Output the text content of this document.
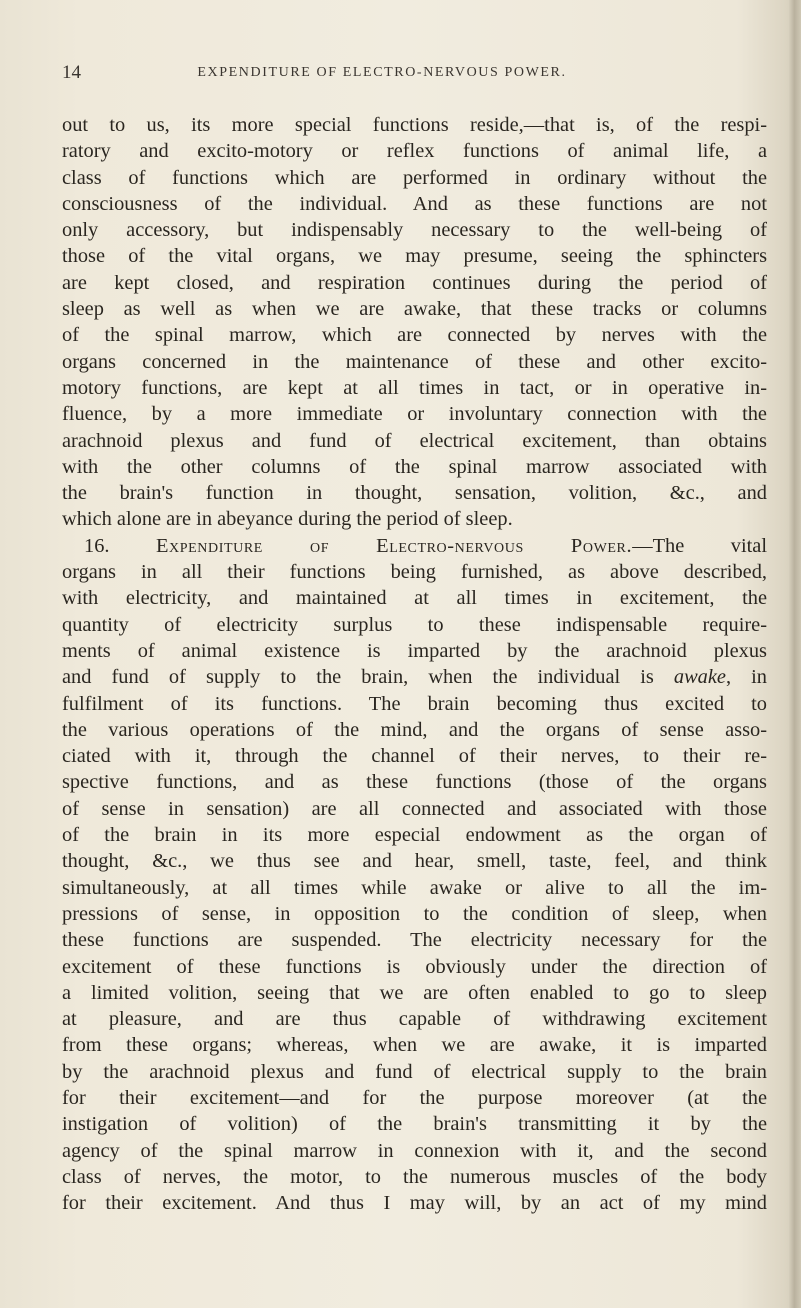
14	EXPENDITURE OF ELECTRO-NERVOUS POWER.
out to us, its more special functions reside,—that is, of the respi-
ratory and excito-motory or reflex functions of animal life, a
class of functions which are performed in ordinary without the
consciousness of the individual. And as these functions are not
only accessory, but indispensably necessary to the well-being of
those of the vital organs, we may presume, seeing the sphincters
are kept closed, and respiration continues during the period of
sleep as well as when we are awake, that these tracks or columns
of the spinal marrow, which are connected by nerves with the
organs concerned in the maintenance of these and other excito-
motory functions, are kept at all times in tact, or in operative in-
fluence, by a more immediate or involuntary connection with the
arachnoid plexus and fund of electrical excitement, than obtains
with the other columns of the spinal marrow associated with
the brain's function in thought, sensation, volition, &c., and
which alone are in abeyance during the period of sleep.
16. Expenditure of Electro-nervous Power.—The vital
organs in all their functions being furnished, as above described,
with electricity, and maintained at all times in excitement, the
quantity of electricity surplus to these indispensable require-
ments of animal existence is imparted by the arachnoid plexus
and fund of supply to the brain, when the individual is awake, in
fulfilment of its functions. The brain becoming thus excited to
the various operations of the mind, and the organs of sense asso-
ciated with it, through the channel of their nerves, to their re-
spective functions, and as these functions (those of the organs
of sense in sensation) are all connected and associated with those
of the brain in its more especial endowment as the organ of
thought, &c., we thus see and hear, smell, taste, feel, and think
simultaneously, at all times while awake or alive to all the im-
pressions of sense, in opposition to the condition of sleep, when
these functions are suspended. The electricity necessary for the
excitement of these functions is obviously under the direction of
a limited volition, seeing that we are often enabled to go to sleep
at pleasure, and are thus capable of withdrawing excitement
from these organs; whereas, when we are awake, it is imparted
by the arachnoid plexus and fund of electrical supply to the brain
for their excitement—and for the purpose moreover (at the
instigation of volition) of the brain's transmitting it by the
agency of the spinal marrow in connexion with it, and the second
class of nerves, the motor, to the numerous muscles of the body
for their excitement. And thus I may will, by an act of my mind
